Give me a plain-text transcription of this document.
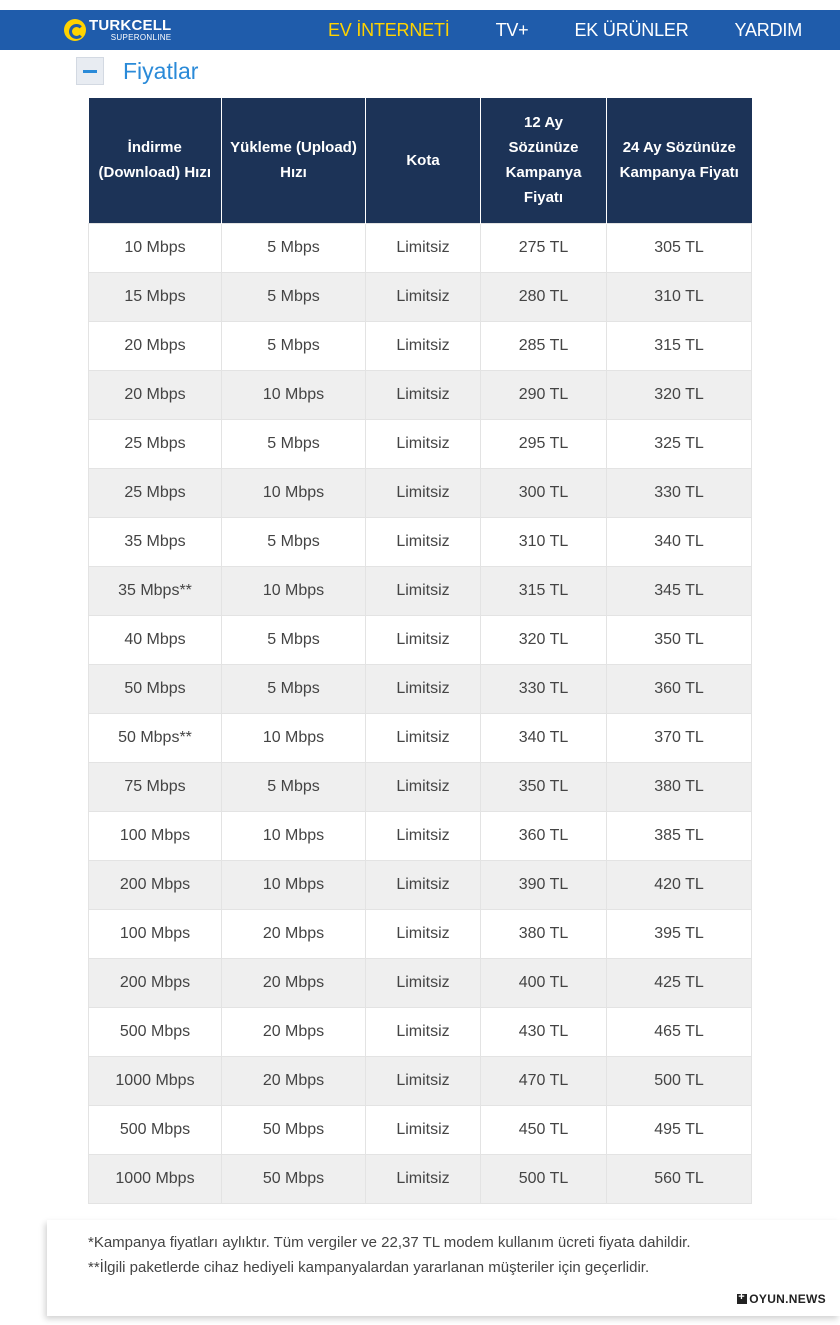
TURKCELL
SUPERONLINE	EV İNTERNETİ	TV+	EK ÜRÜNLER	YARDIM
Fiyatlar
İndirme (Download) Hızı	Yükleme (Upload) Hızı	Kota	12 Ay Sözünüze Kampanya Fiyatı	24 Ay Sözünüze Kampanya Fiyatı
10 Mbps	5 Mbps	Limitsiz	275 TL	305 TL
15 Mbps	5 Mbps	Limitsiz	280 TL	310 TL
20 Mbps	5 Mbps	Limitsiz	285 TL	315 TL
20 Mbps	10 Mbps	Limitsiz	290 TL	320 TL
25 Mbps	5 Mbps	Limitsiz	295 TL	325 TL
25 Mbps	10 Mbps	Limitsiz	300 TL	330 TL
35 Mbps	5 Mbps	Limitsiz	310 TL	340 TL
35 Mbps**	10 Mbps	Limitsiz	315 TL	345 TL
40 Mbps	5 Mbps	Limitsiz	320 TL	350 TL
50 Mbps	5 Mbps	Limitsiz	330 TL	360 TL
50 Mbps**	10 Mbps	Limitsiz	340 TL	370 TL
75 Mbps	5 Mbps	Limitsiz	350 TL	380 TL
100 Mbps	10 Mbps	Limitsiz	360 TL	385 TL
200 Mbps	10 Mbps	Limitsiz	390 TL	420 TL
100 Mbps	20 Mbps	Limitsiz	380 TL	395 TL
200 Mbps	20 Mbps	Limitsiz	400 TL	425 TL
500 Mbps	20 Mbps	Limitsiz	430 TL	465 TL
1000 Mbps	20 Mbps	Limitsiz	470 TL	500 TL
500 Mbps	50 Mbps	Limitsiz	450 TL	495 TL
1000 Mbps	50 Mbps	Limitsiz	500 TL	560 TL
*Kampanya fiyatları aylıktır. Tüm vergiler ve 22,37 TL modem kullanım ücreti fiyata dahildir.
**İlgili paketlerde cihaz hediyeli kampanyalardan yararlanan müşteriler için geçerlidir.
+
OYUN.NEWS
